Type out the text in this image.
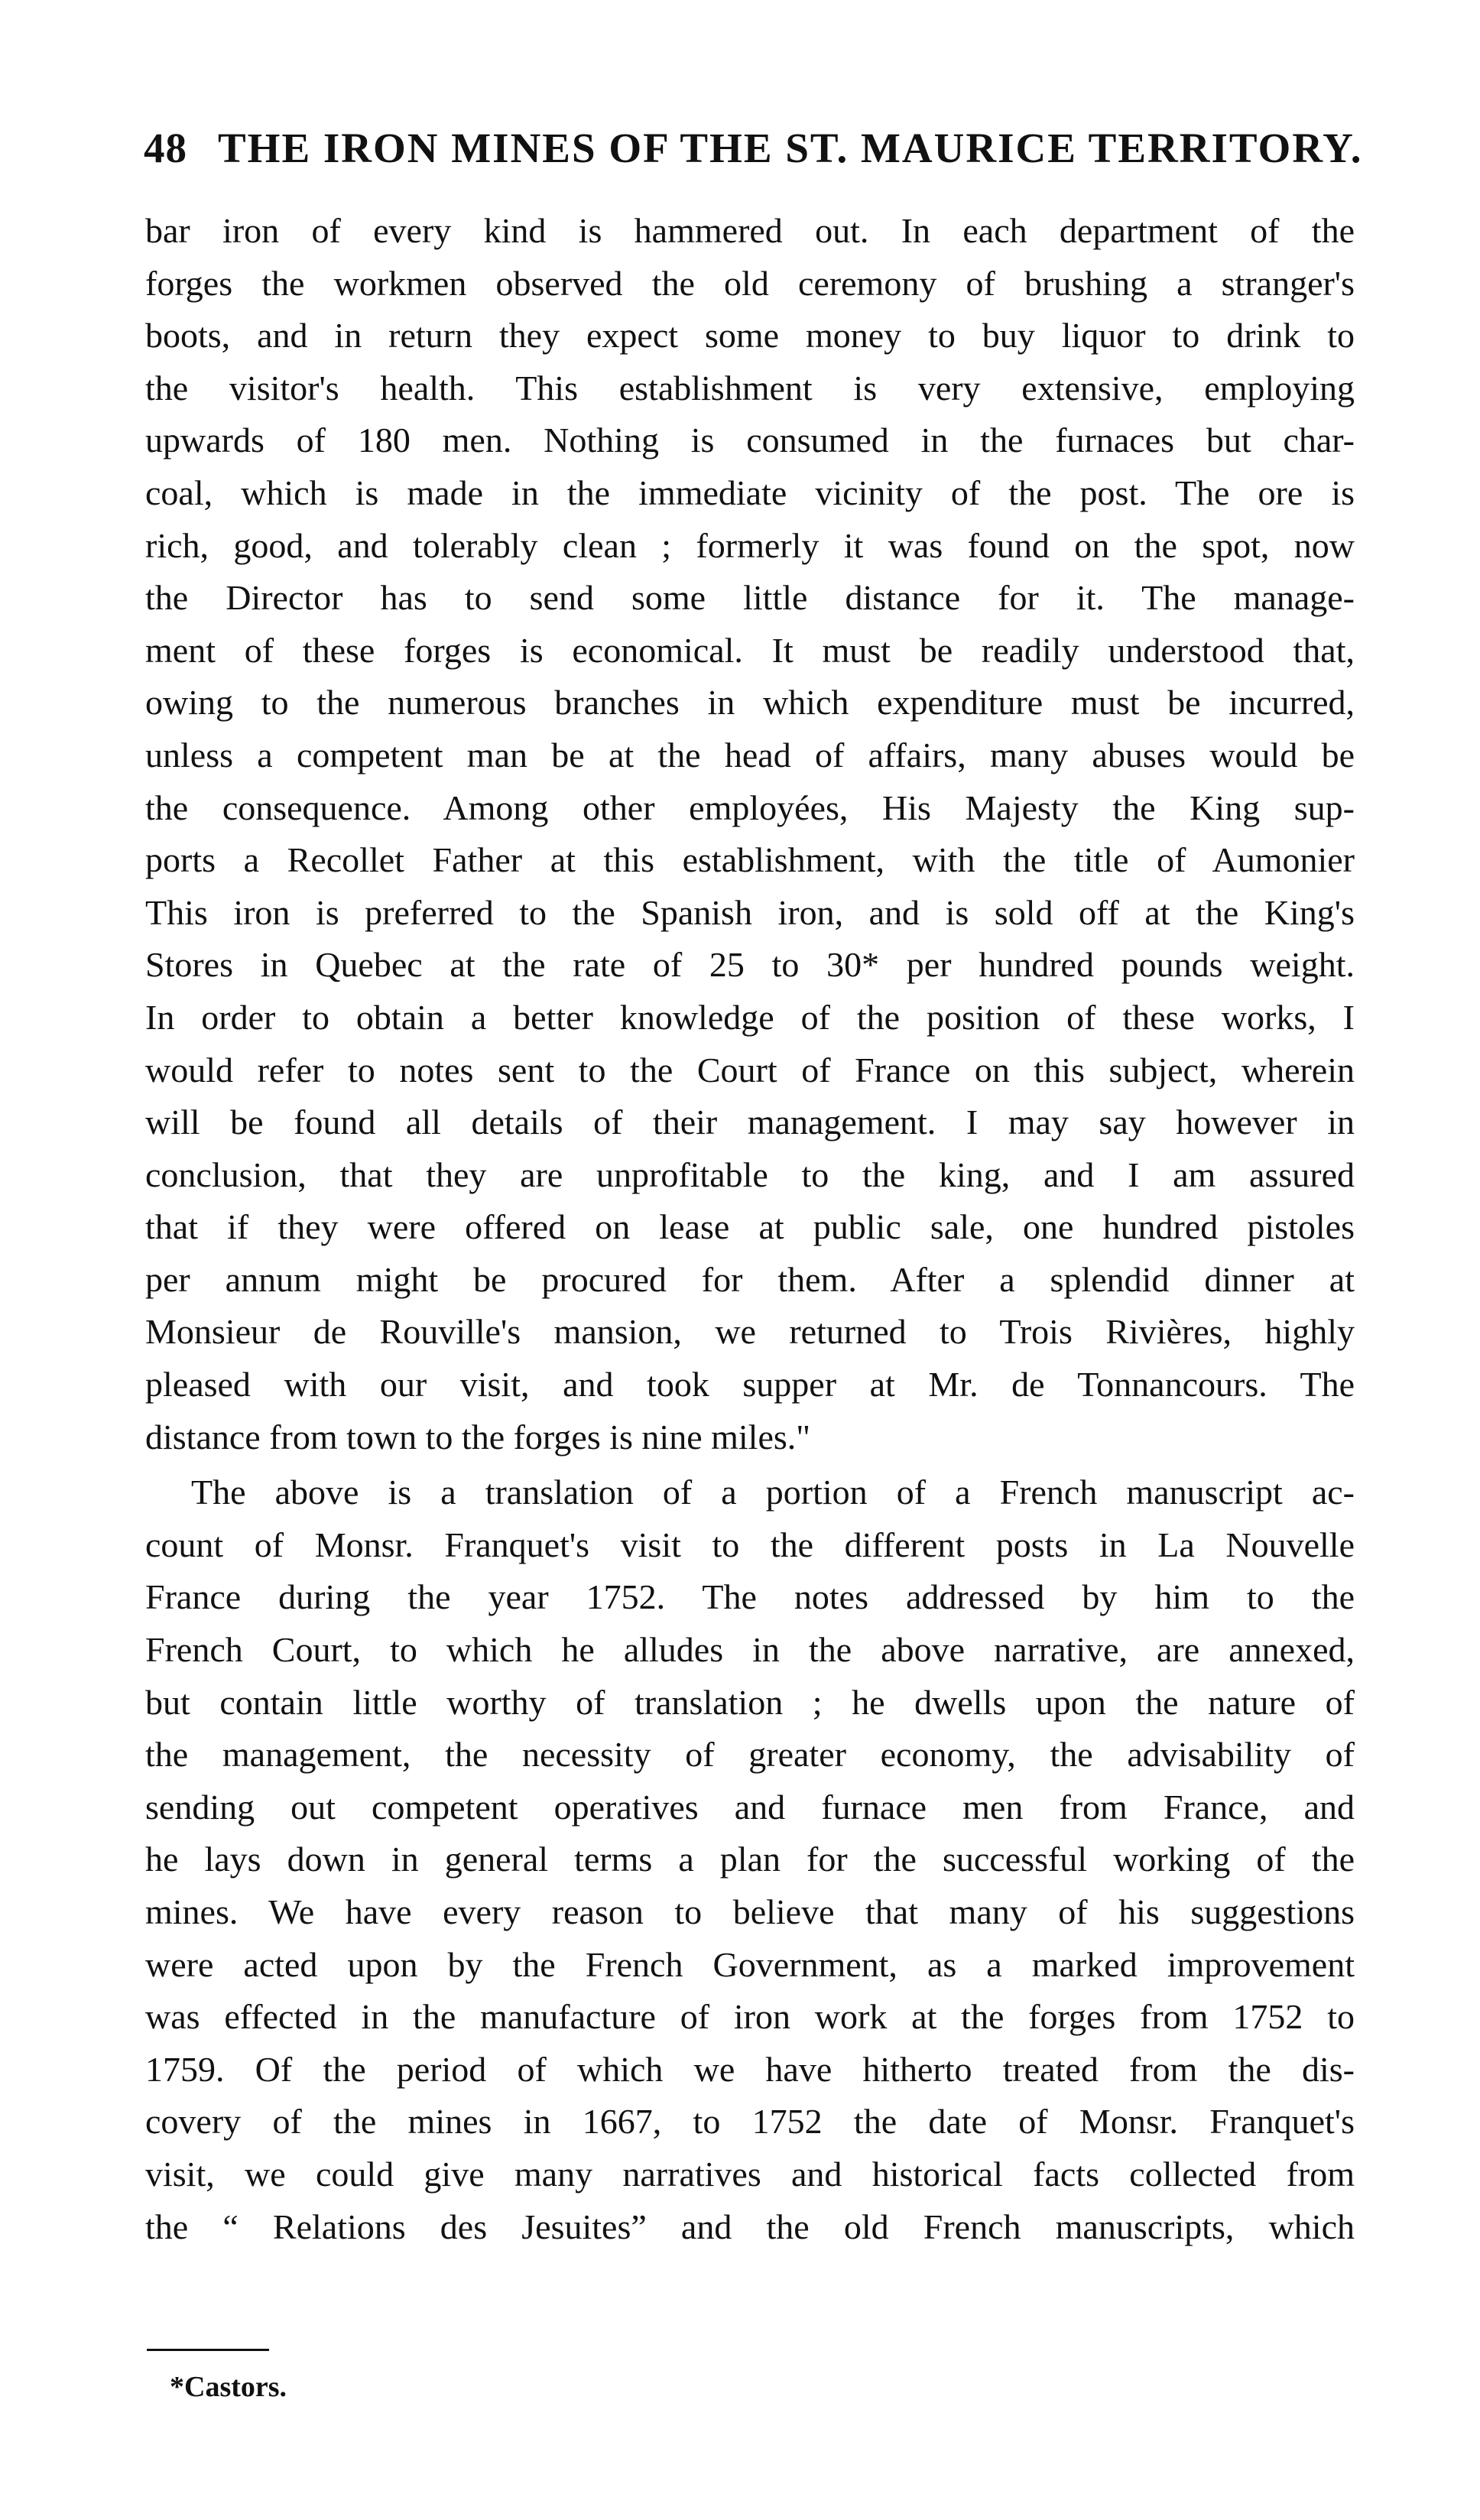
48 THE IRON MINES OF THE ST. MAURICE TERRITORY.
bar iron of every kind is hammered out. In each department of the
forges the workmen observed the old ceremony of brushing a stranger's
boots, and in return they expect some money to buy liquor to drink to
the visitor's health. This establishment is very extensive, employing
upwards of 180 men. Nothing is consumed in the furnaces but char-
coal, which is made in the immediate vicinity of the post. The ore is
rich, good, and tolerably clean ; formerly it was found on the spot, now
the Director has to send some little distance for it. The manage-
ment of these forges is economical. It must be readily understood that,
owing to the numerous branches in which expenditure must be incurred,
unless a competent man be at the head of affairs, many abuses would be
the consequence. Among other employées, His Majesty the King sup-
ports a Recollet Father at this establishment, with the title of Aumonier
This iron is preferred to the Spanish iron, and is sold off at the King's
Stores in Quebec at the rate of 25 to 30* per hundred pounds weight.
In order to obtain a better knowledge of the position of these works, I
would refer to notes sent to the Court of France on this subject, wherein
will be found all details of their management. I may say however in
conclusion, that they are unprofitable to the king, and I am assured
that if they were offered on lease at public sale, one hundred pistoles
per annum might be procured for them. After a splendid dinner at
Monsieur de Rouville's mansion, we returned to Trois Rivières, highly
pleased with our visit, and took supper at Mr. de Tonnancours. The
distance from town to the forges is nine miles."
The above is a translation of a portion of a French manuscript ac-
count of Monsr. Franquet's visit to the different posts in La Nouvelle
France during the year 1752. The notes addressed by him to the
French Court, to which he alludes in the above narrative, are annexed,
but contain little worthy of translation ; he dwells upon the nature of
the management, the necessity of greater economy, the advisability of
sending out competent operatives and furnace men from France, and
he lays down in general terms a plan for the successful working of the
mines. We have every reason to believe that many of his suggestions
were acted upon by the French Government, as a marked improvement
was effected in the manufacture of iron work at the forges from 1752 to
1759. Of the period of which we have hitherto treated from the dis-
covery of the mines in 1667, to 1752 the date of Monsr. Franquet's
visit, we could give many narratives and historical facts collected from
the “ Relations des Jesuites” and the old French manuscripts, which
*Castors.
